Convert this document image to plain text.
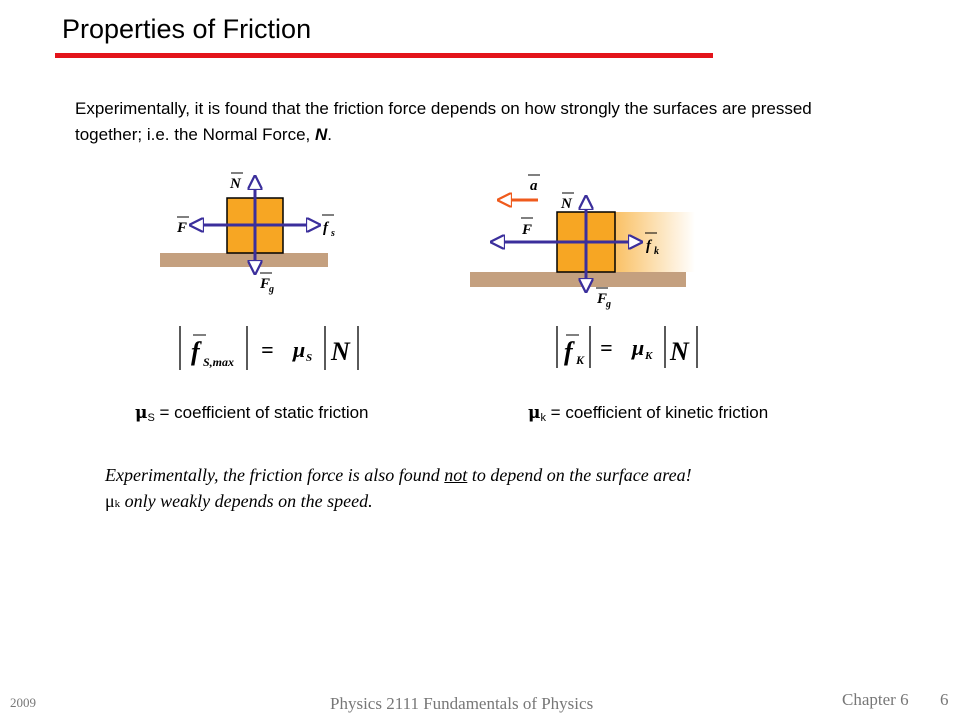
Properties of Friction
Experimentally, it is found that the friction force depends on how strongly the surfaces are pressed together; i.e. the Normal Force, N.
N
F	f s
F
g
a
N
F
f k
F
g
f S,max = μ S N	f K = μ K N
μS = coefficient of static friction	μk = coefficient of kinetic friction
Experimentally, the friction force is also found not to depend on the surface area!
μk only weakly depends on the speed.
2009	Physics 2111 Fundamentals of Physics	Chapter 6 6
